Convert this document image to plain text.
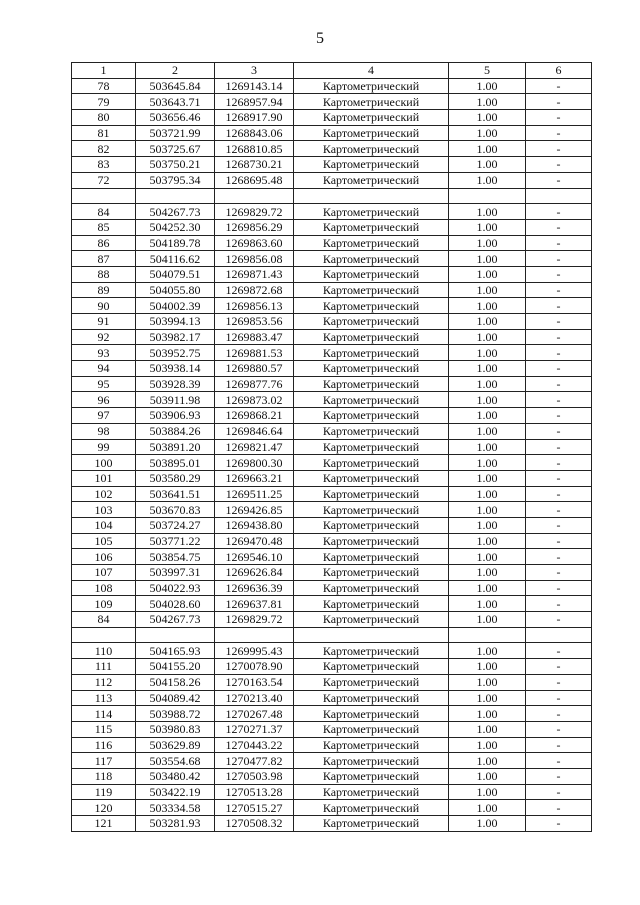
5
1	2	3	4	5	6
78	503645.84	1269143.14	Картометрический	1.00	-
79	503643.71	1268957.94	Картометрический	1.00	-
80	503656.46	1268917.90	Картометрический	1.00	-
81	503721.99	1268843.06	Картометрический	1.00	-
82	503725.67	1268810.85	Картометрический	1.00	-
83	503750.21	1268730.21	Картометрический	1.00	-
72	503795.34	1268695.48	Картометрический	1.00	-

84	504267.73	1269829.72	Картометрический	1.00	-
85	504252.30	1269856.29	Картометрический	1.00	-
86	504189.78	1269863.60	Картометрический	1.00	-
87	504116.62	1269856.08	Картометрический	1.00	-
88	504079.51	1269871.43	Картометрический	1.00	-
89	504055.80	1269872.68	Картометрический	1.00	-
90	504002.39	1269856.13	Картометрический	1.00	-
91	503994.13	1269853.56	Картометрический	1.00	-
92	503982.17	1269883.47	Картометрический	1.00	-
93	503952.75	1269881.53	Картометрический	1.00	-
94	503938.14	1269880.57	Картометрический	1.00	-
95	503928.39	1269877.76	Картометрический	1.00	-
96	503911.98	1269873.02	Картометрический	1.00	-
97	503906.93	1269868.21	Картометрический	1.00	-
98	503884.26	1269846.64	Картометрический	1.00	-
99	503891.20	1269821.47	Картометрический	1.00	-
100	503895.01	1269800.30	Картометрический	1.00	-
101	503580.29	1269663.21	Картометрический	1.00	-
102	503641.51	1269511.25	Картометрический	1.00	-
103	503670.83	1269426.85	Картометрический	1.00	-
104	503724.27	1269438.80	Картометрический	1.00	-
105	503771.22	1269470.48	Картометрический	1.00	-
106	503854.75	1269546.10	Картометрический	1.00	-
107	503997.31	1269626.84	Картометрический	1.00	-
108	504022.93	1269636.39	Картометрический	1.00	-
109	504028.60	1269637.81	Картометрический	1.00	-
84	504267.73	1269829.72	Картометрический	1.00	-

110	504165.93	1269995.43	Картометрический	1.00	-
111	504155.20	1270078.90	Картометрический	1.00	-
112	504158.26	1270163.54	Картометрический	1.00	-
113	504089.42	1270213.40	Картометрический	1.00	-
114	503988.72	1270267.48	Картометрический	1.00	-
115	503980.83	1270271.37	Картометрический	1.00	-
116	503629.89	1270443.22	Картометрический	1.00	-
117	503554.68	1270477.82	Картометрический	1.00	-
118	503480.42	1270503.98	Картометрический	1.00	-
119	503422.19	1270513.28	Картометрический	1.00	-
120	503334.58	1270515.27	Картометрический	1.00	-
121	503281.93	1270508.32	Картометрический	1.00	-
